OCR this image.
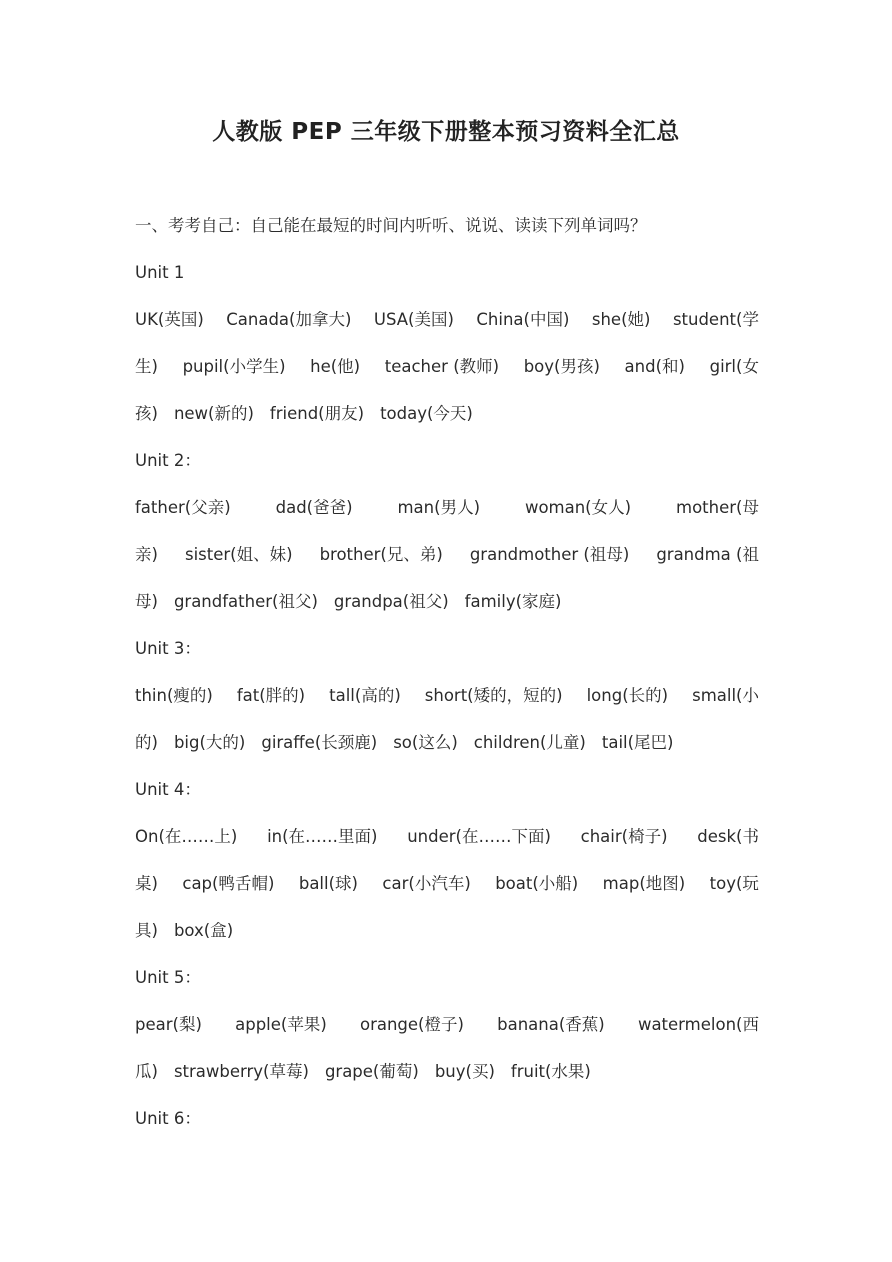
人教版 PEP 三年级下册整本预习资料全汇总
一、考考自己：自己能在最短的时间内听听、说说、读读下列单词吗？
Unit 1
UK(英国) Canada(加拿大) USA(美国) China(中国) she(她) student(学
生) pupil(小学生) he(他) teacher (教师) boy(男孩) and(和) girl(女
孩) new(新的) friend(朋友) today(今天)
Unit 2：
father(父亲)	dad(爸爸)	man(男人)	woman(女人)	mother(母
亲) sister(姐、妹) brother(兄、弟) grandmother (祖母) grandma (祖
母) grandfather(祖父) grandpa(祖父) family(家庭)
Unit 3：
thin(瘦的) fat(胖的) tall(高的) short(矮的，短的) long(长的) small(小
的) big(大的) giraffe(长颈鹿) so(这么) children(儿童) tail(尾巴)
Unit 4：
On(在……上) in(在……里面) under(在……下面) chair(椅子) desk(书
桌) cap(鸭舌帽) ball(球) car(小汽车) boat(小船) map(地图) toy(玩
具) box(盒)
Unit 5：
pear(梨) apple(苹果) orange(橙子) banana(香蕉) watermelon(西
瓜) strawberry(草莓) grape(葡萄) buy(买) fruit(水果)
Unit 6：
